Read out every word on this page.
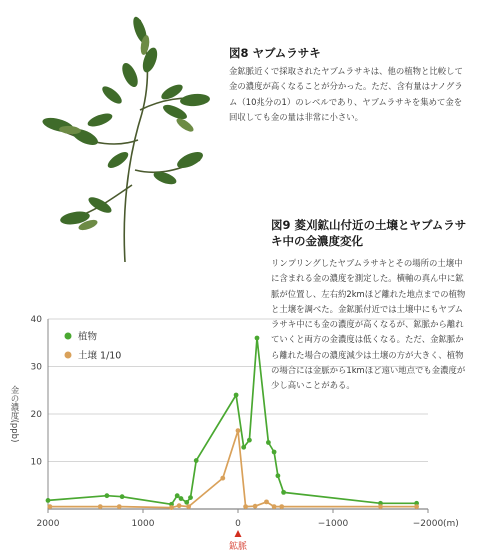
図8 ヤブムラサキ
金鉱脈近くで採取されたヤブムラサキは、他の植物と比較して金の濃度が高くなることが分かった。ただ、含有量はナノグラム（10兆分の1）のレベルであり、ヤブムラサキを集めて金を回収しても金の量は非常に小さい。
図9 菱刈鉱山付近の土壌とヤブムラサキ中の金濃度変化
リンプリングしたヤブムラサキとその場所の土壌中に含まれる金の濃度を測定した。横軸の真ん中に鉱脈が位置し、左右約2kmほど離れた地点までの植物と土壌を調べた。金鉱脈付近では土壌中にもヤブムラサキ中にも金の濃度が高くなるが、鉱脈から離れていくと両方の金濃度は低くなる。ただ、金鉱脈から離れた場合の濃度減少は土壌の方が大きく、植物の場合には金脈から1kmほど遠い地点でも金濃度が少し高いことがある。
10
20
30
40
2000	1000	0	−1000	−2000 (m)
金の濃度(ppb)
鉱脈
植物
土壌 1/10
